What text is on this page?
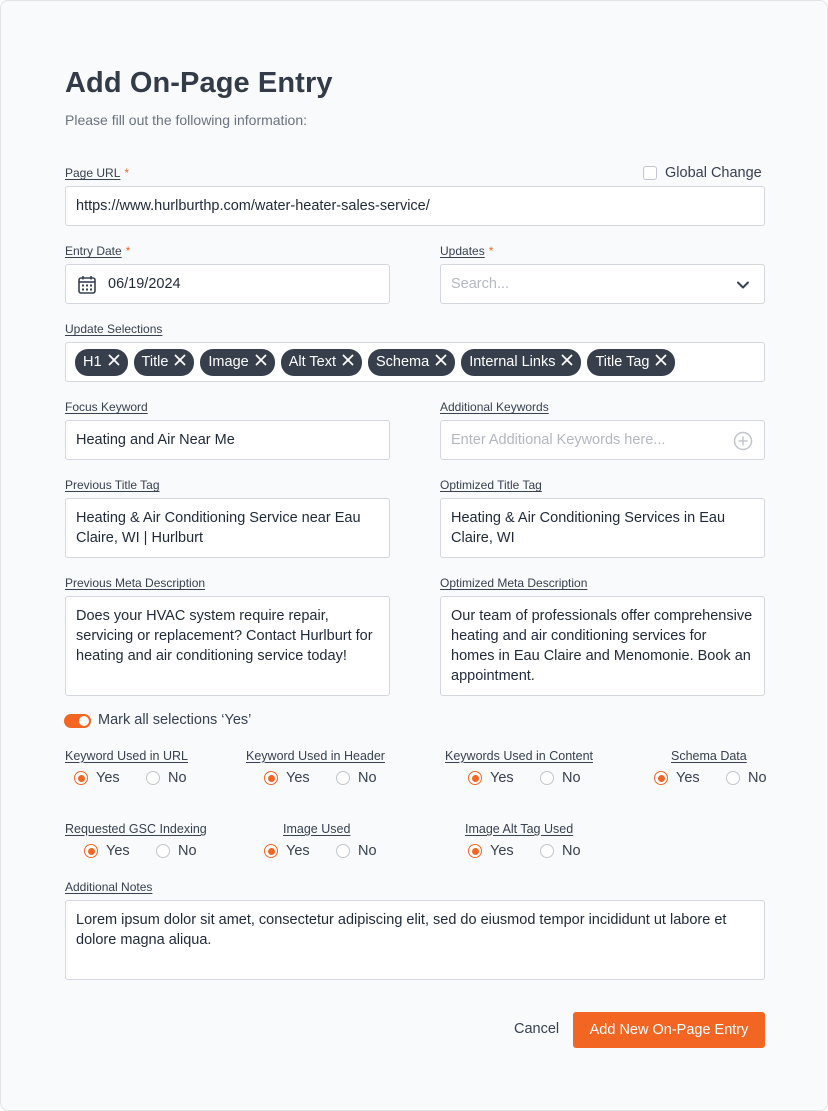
Add On-Page Entry
Please fill out the following information:
Page URL *	Global Change
https://www.hurlburthp.com/water-heater-sales-service/
Entry Date *
06/19/2024
Updates *
Search...
Update Selections
H1	Title	Image	Alt Text	Schema	Internal Links	Title Tag
Focus Keyword
Heating and Air Near Me
Additional Keywords
Enter Additional Keywords here...
Previous Title Tag
Heating & Air Conditioning Service near Eau Claire, WI | Hurlburt
Optimized Title Tag
Heating & Air Conditioning Services in Eau Claire, WI
Previous Meta Description
Does your HVAC system require repair, servicing or replacement? Contact Hurlburt for heating and air conditioning service today!
Optimized Meta Description
Our team of professionals offer comprehensive heating and air conditioning services for homes in Eau Claire and Menomonie. Book an appointment.
Mark all selections ‘Yes’
Keyword Used in URL
Yes	No
Keyword Used in Header
Yes	No
Keywords Used in Content
Yes	No
Schema Data
Yes	No
Requested GSC Indexing
Yes	No
Image Used
Yes	No
Image Alt Tag Used
Yes	No
Additional Notes
Lorem ipsum dolor sit amet, consectetur adipiscing elit, sed do eiusmod tempor incididunt ut labore et dolore magna aliqua.
Cancel	Add New On-Page Entry
